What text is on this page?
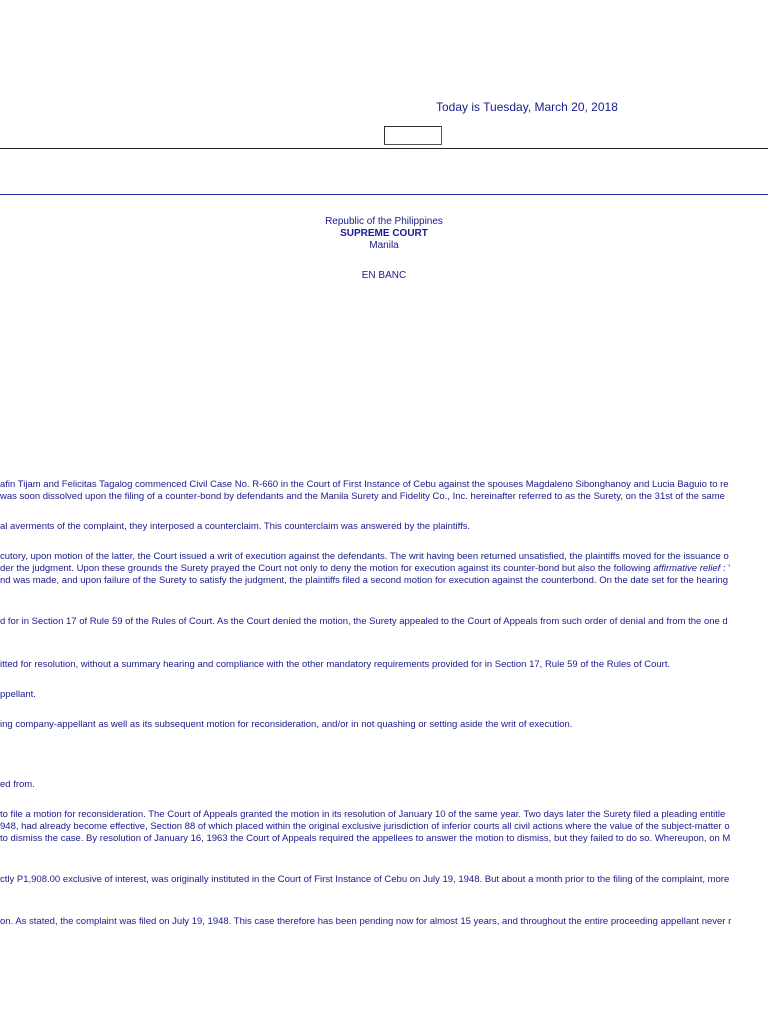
Today is Tuesday, March 20, 2018
Republic of the Philippines
SUPREME COURT
Manila
EN BANC
afin Tijam and Felicitas Tagalog commenced Civil Case No. R-660 in the Court of First Instance of Cebu against the spouses Magdaleno Sibonghanoy and Lucia Baguio to re
was soon dissolved upon the filing of a counter-bond by defendants and the Manila Surety and Fidelity Co., Inc. hereinafter referred to as the Surety, on the 31st of the same
al averments of the complaint, they interposed a counterclaim. This counterclaim was answered by the plaintiffs.
cutory, upon motion of the latter, the Court issued a writ of execution against the defendants. The writ having been returned unsatisfied, the plaintiffs moved for the issuance o
der the judgment. Upon these grounds the Surety prayed the Court not only to deny the motion for execution against its counter-bond but also the following affirmative relief : '
nd was made, and upon failure of the Surety to satisfy the judgment, the plaintiffs filed a second motion for execution against the counterbond. On the date set for the hearing
d for in Section 17 of Rule 59 of the Rules of Court. As the Court denied the motion, the Surety appealed to the Court of Appeals from such order of denial and from the one d
itted for resolution, without a summary hearing and compliance with the other mandatory requirements provided for in Section 17, Rule 59 of the Rules of Court.
ppellant.
ing company-appellant as well as its subsequent motion for reconsideration, and/or in not quashing or setting aside the writ of execution.
ed from.
to file a motion for reconsideration. The Court of Appeals granted the motion in its resolution of January 10 of the same year. Two days later the Surety filed a pleading entitle
948, had already become effective, Section 88 of which placed within the original exclusive jurisdiction of inferior courts all civil actions where the value of the subject-matter o
to dismiss the case. By resolution of January 16, 1963 the Court of Appeals required the appellees to answer the motion to dismiss, but they failed to do so. Whereupon, on M
ctly P1,908.00 exclusive of interest, was originally instituted in the Court of First Instance of Cebu on July 19, 1948. But about a month prior to the filing of the complaint, more
on. As stated, the complaint was filed on July 19, 1948. This case therefore has been pending now for almost 15 years, and throughout the entire proceeding appellant never r
